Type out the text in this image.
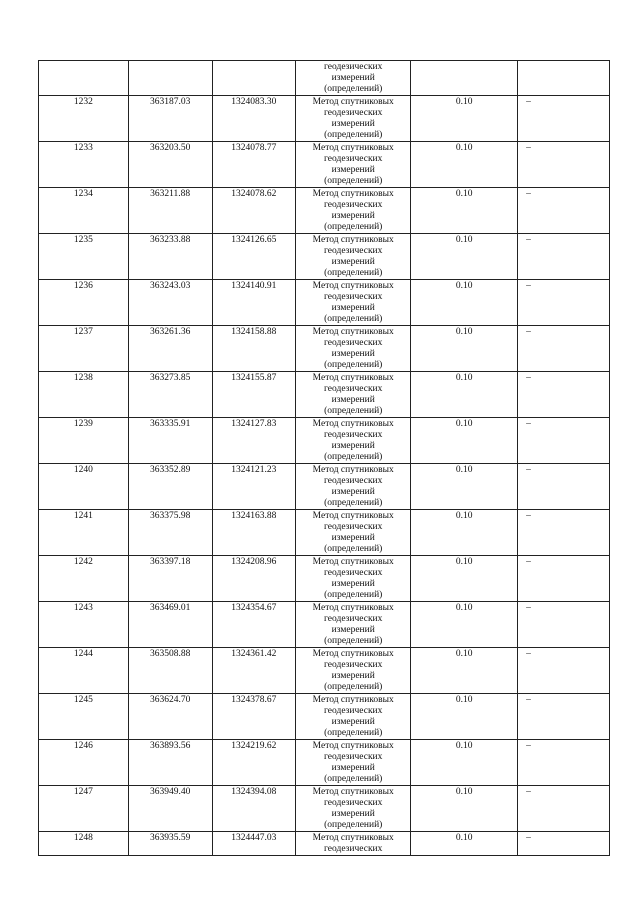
			геодезических
измерений
(определений)		

1232	363187.03	1324083.30	Метод спутниковых
геодезических
измерений
(определений)	0.10	–
1233	363203.50	1324078.77	Метод спутниковых
геодезических
измерений
(определений)	0.10	–
1234	363211.88	1324078.62	Метод спутниковых
геодезических
измерений
(определений)	0.10	–
1235	363233.88	1324126.65	Метод спутниковых
геодезических
измерений
(определений)	0.10	–
1236	363243.03	1324140.91	Метод спутниковых
геодезических
измерений
(определений)	0.10	–
1237	363261.36	1324158.88	Метод спутниковых
геодезических
измерений
(определений)	0.10	–
1238	363273.85	1324155.87	Метод спутниковых
геодезических
измерений
(определений)	0.10	–
1239	363335.91	1324127.83	Метод спутниковых
геодезических
измерений
(определений)	0.10	–
1240	363352.89	1324121.23	Метод спутниковых
геодезических
измерений
(определений)	0.10	–
1241	363375.98	1324163.88	Метод спутниковых
геодезических
измерений
(определений)	0.10	–
1242	363397.18	1324208.96	Метод спутниковых
геодезических
измерений
(определений)	0.10	–
1243	363469.01	1324354.67	Метод спутниковых
геодезических
измерений
(определений)	0.10	–
1244	363508.88	1324361.42	Метод спутниковых
геодезических
измерений
(определений)	0.10	–
1245	363624.70	1324378.67	Метод спутниковых
геодезических
измерений
(определений)	0.10	–
1246	363893.56	1324219.62	Метод спутниковых
геодезических
измерений
(определений)	0.10	–
1247	363949.40	1324394.08	Метод спутниковых
геодезических
измерений
(определений)	0.10	–
1248	363935.59	1324447.03	Метод спутниковых
геодезических	0.10	–
